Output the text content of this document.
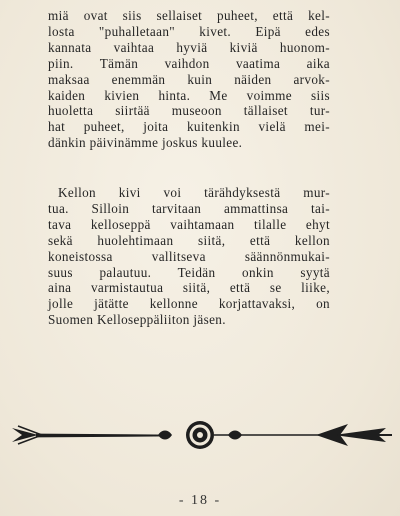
miä ovat siis sellaiset puheet, että kel-
losta "puhalletaan" kivet. Eipä edes
kannata vaihtaa hyviä kiviä huonom-
piin. Tämän vaihdon vaatima aika
maksaa enemmän kuin näiden arvok-
kaiden kivien hinta. Me voimme siis
huoletta siirtää museoon tällaiset tur-
hat puheet, joita kuitenkin vielä mei-
dänkin päivinämme joskus kuulee.
Kellon kivi voi tärähdyksestä mur-
tua. Silloin tarvitaan ammattinsa tai-
tava kelloseppä vaihtamaan tilalle ehyt
sekä huolehtimaan siitä, että kellon
koneistossa vallitseva säännönmukai-
suus palautuu. Teidän onkin syytä
aina varmistautua siitä, että se liike,
jolle jätätte kellonne korjattavaksi, on
Suomen Kelloseppäliiton jäsen.
- 18 -
